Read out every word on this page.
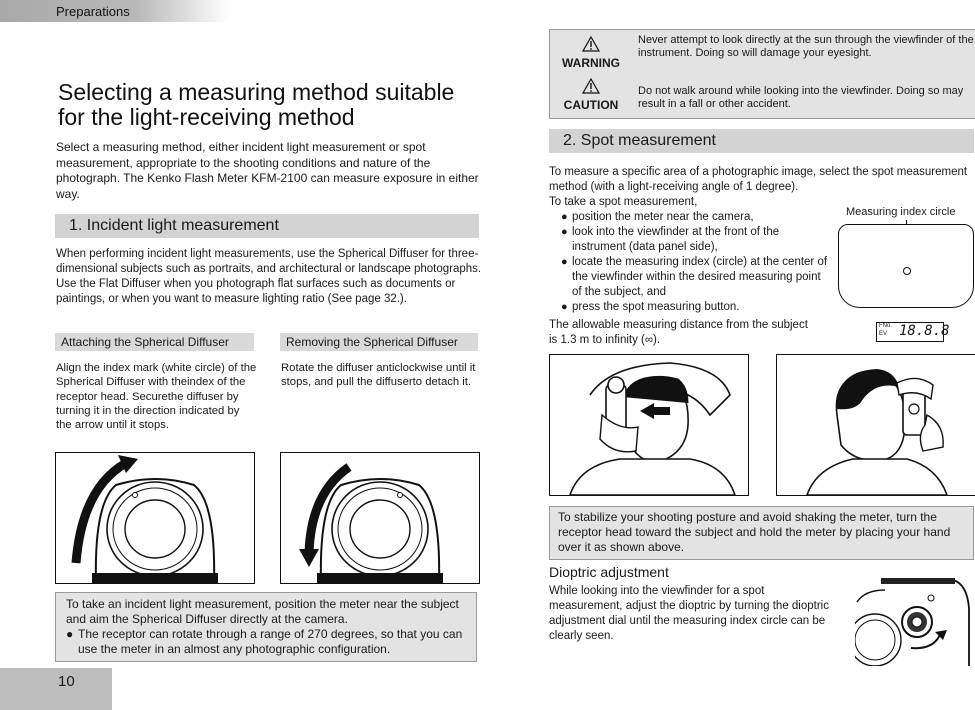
Preparations
Selecting a measuring method suitable
for the light-receiving method
Select a measuring method, either incident light measurement or spot measurement, appropriate to the shooting conditions and nature of the photograph. The Kenko Flash Meter KFM-2100 can measure exposure in either way.
1. Incident light measurement
When performing incident light measurements, use the Spherical Diffuser for three-dimensional subjects such as portraits, and architectural or landscape photographs. Use the Flat Diffuser when you photograph flat surfaces such as documents or paintings, or when you want to measure lighting ratio (See page 32.).
Attaching the Spherical Diffuser
Align the index mark (white circle) of the Spherical Diffuser with theindex of the receptor head. Securethe diffuser by turning it in the direction indicated by the arrow until it stops.
Removing the Spherical Diffuser
Rotate the diffuser anticlockwise until it stops, and pull the diffuserto detach it.
To take an incident light measurement, position the meter near the subject and aim the Spherical Diffuser directly at the camera.
● The receptor can rotate through a range of 270 degrees, so that you can use the meter in an almost any photographic configuration.
10
WARNING
Never attempt to look directly at the sun through the viewfinder of the instrument. Doing so will damage your eyesight.
CAUTION
Do not walk around while looking into the viewfinder. Doing so may result in a fall or other accident.
2. Spot measurement
To measure a specific area of a photographic image, select the spot measurement method (with a light-receiving angle of 1 degree).
To take a spot measurement,
● position the meter near the camera,
● look into the viewfinder at the front of the instrument (data panel side),
● locate the measuring index (circle) at the center of the viewfinder within the desired measuring point of the subject, and
● press the spot measuring button.
The allowable measuring distance from the subject is 1.3 m to infinity (∞).
Measuring index circle
FNo.
EV 18.8.8
To stabilize your shooting posture and avoid shaking the meter, turn the receptor head toward the subject and hold the meter by placing your hand over it as shown above.
Dioptric adjustment
While looking into the viewfinder for a spot measurement, adjust the dioptric by turning the dioptric adjustment dial until the measuring index circle can be clearly seen.
